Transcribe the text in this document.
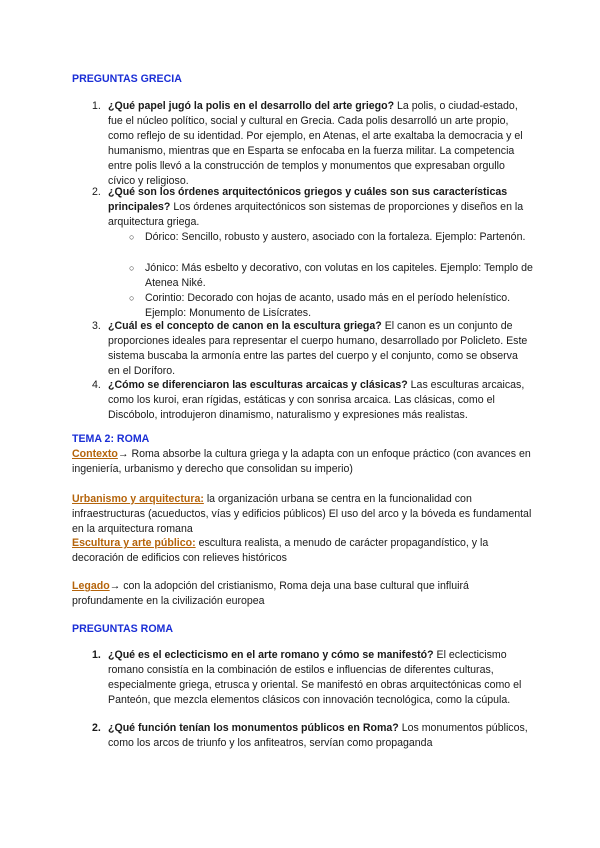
PREGUNTAS GRECIA
1. ¿Qué papel jugó la polis en el desarrollo del arte griego? La polis, o ciudad-estado, fue el núcleo político, social y cultural en Grecia. Cada polis desarrolló un arte propio, como reflejo de su identidad. Por ejemplo, en Atenas, el arte exaltaba la democracia y el humanismo, mientras que en Esparta se enfocaba en la fuerza militar. La competencia entre polis llevó a la construcción de templos y monumentos que expresaban orgullo cívico y religioso.
2. ¿Qué son los órdenes arquitectónicos griegos y cuáles son sus características principales? Los órdenes arquitectónicos son sistemas de proporciones y diseños en la arquitectura griega.
○ Dórico: Sencillo, robusto y austero, asociado con la fortaleza. Ejemplo: Partenón.
○ Jónico: Más esbelto y decorativo, con volutas en los capiteles. Ejemplo: Templo de Atenea Niké.
○ Corintio: Decorado con hojas de acanto, usado más en el período helenístico. Ejemplo: Monumento de Lisícrates.
3. ¿Cuál es el concepto de canon en la escultura griega? El canon es un conjunto de proporciones ideales para representar el cuerpo humano, desarrollado por Policleto. Este sistema buscaba la armonía entre las partes del cuerpo y el conjunto, como se observa en el Doríforo.
4. ¿Cómo se diferenciaron las esculturas arcaicas y clásicas? Las esculturas arcaicas, como los kuroi, eran rígidas, estáticas y con sonrisa arcaica. Las clásicas, como el Discóbolo, introdujeron dinamismo, naturalismo y expresiones más realistas.
TEMA 2: ROMA
Contexto→ Roma absorbe la cultura griega y la adapta con un enfoque práctico (con avances en ingeniería, urbanismo y derecho que consolidan su imperio)
Urbanismo y arquitectura: la organización urbana se centra en la funcionalidad con infraestructuras (acueductos, vías y edificios públicos) El uso del arco y la bóveda es fundamental en la arquitectura romana
Escultura y arte público: escultura realista, a menudo de carácter propagandístico, y la decoración de edificios con relieves históricos
Legado→ con la adopción del cristianismo, Roma deja una base cultural que influirá profundamente en la civilización europea
PREGUNTAS ROMA
1. ¿Qué es el eclecticismo en el arte romano y cómo se manifestó? El eclecticismo romano consistía en la combinación de estilos e influencias de diferentes culturas, especialmente griega, etrusca y oriental. Se manifestó en obras arquitectónicas como el Panteón, que mezcla elementos clásicos con innovación tecnológica, como la cúpula.
2. ¿Qué función tenían los monumentos públicos en Roma? Los monumentos públicos, como los arcos de triunfo y los anfiteatros, servían como propaganda
